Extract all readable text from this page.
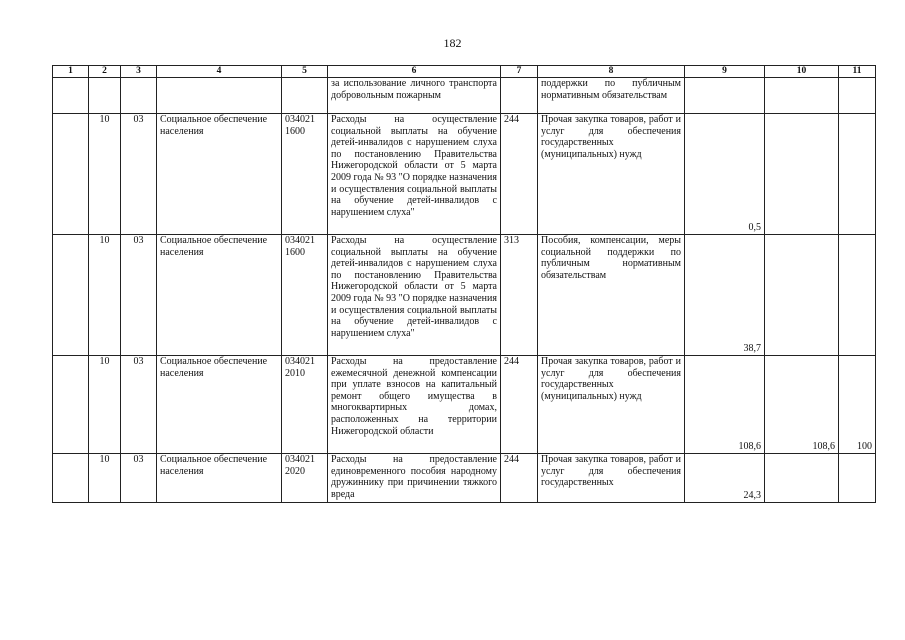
182
1	2	3	4	5	6	7	8	9	10	11
					за использование личного транспорта добровольным пожарным		поддержки по публичным нормативным обязательствам			
	10	03	Социальное обеспечение населения	034021 1600	Расходы на осуществление социальной выплаты на обучение детей-инвалидов с нарушением слуха по постановлению Правительства Нижегородской области от 5 марта 2009 года № 93 "О порядке назначения и осуществления социальной выплаты на обучение детей-инвалидов с нарушением слуха"	244	Прочая закупка товаров, работ и услуг для обеспечения государственных (муниципальных) нужд	0,5		
	10	03	Социальное обеспечение населения	034021 1600	Расходы на осуществление социальной выплаты на обучение детей-инвалидов с нарушением слуха по постановлению Правительства Нижегородской области от 5 марта 2009 года № 93 "О порядке назначения и осуществления социальной выплаты на обучение детей-инвалидов с нарушением слуха"	313	Пособия, компенсации, меры социальной поддержки по публичным нормативным обязательствам	38,7		
	10	03	Социальное обеспечение населения	034021 2010	Расходы на предоставление ежемесячной денежной компенсации при уплате взносов на капитальный ремонт общего имущества в многоквартирных домах, расположенных на территории Нижегородской области	244	Прочая закупка товаров, работ и услуг для обеспечения государственных (муниципальных) нужд	108,6	108,6	100
	10	03	Социальное обеспечение населения	034021 2020	Расходы на предоставление единовременного пособия народному дружиннику при причинении тяжкого вреда	244	Прочая закупка товаров, работ и услуг для обеспечения государственных	24,3		
